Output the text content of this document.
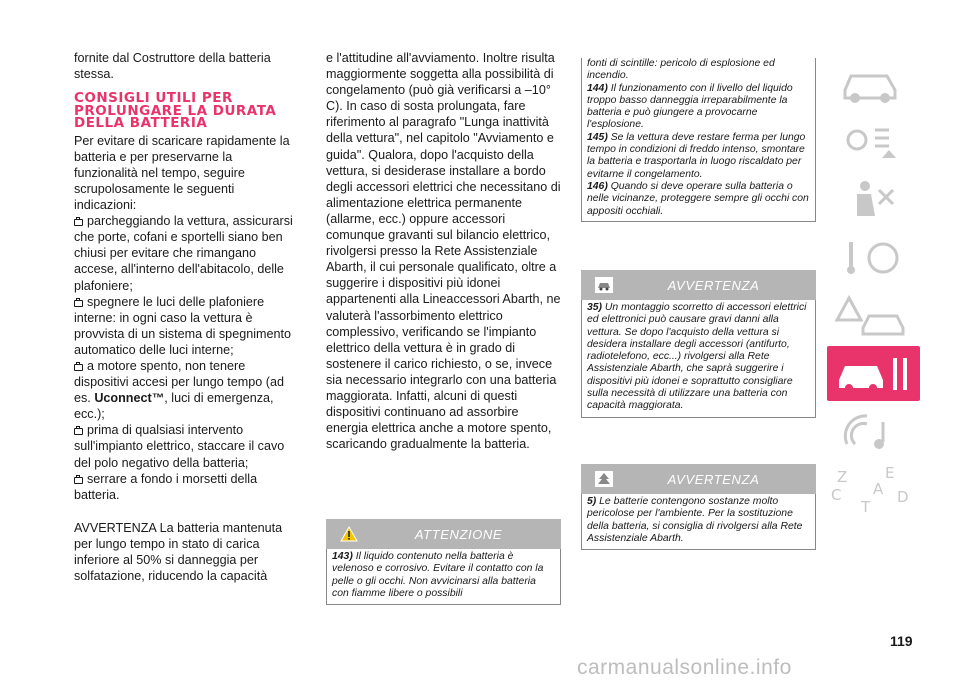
fornite dal Costruttore della batteria stessa.

CONSIGLI UTILI PER PROLUNGARE LA DURATA DELLA BATTERIA

Per evitare di scaricare rapidamente la batteria e per preservarne la funzionalità nel tempo, seguire scrupolosamente le seguenti indicazioni:

parcheggiando la vettura, assicurarsi che porte, cofani e sportelli siano ben chiusi per evitare che rimangano accese, all'interno dell'abitacolo, delle plafoniere;

spegnere le luci delle plafoniere interne: in ogni caso la vettura è provvista di un sistema di spegnimento automatico delle luci interne;

a motore spento, non tenere dispositivi accesi per lungo tempo (ad es. Uconnect™, luci di emergenza, ecc.);

prima di qualsiasi intervento sull'impianto elettrico, staccare il cavo del polo negativo della batteria;

serrare a fondo i morsetti della batteria.

AVVERTENZA La batteria mantenuta per lungo tempo in stato di carica inferiore al 50% si danneggia per solfatazione, riducendo la capacità

e l'attitudine all'avviamento. Inoltre risulta maggiormente soggetta alla possibilità di congelamento (può già verificarsi a –10° C). In caso di sosta prolungata, fare riferimento al paragrafo "Lunga inattività della vettura", nel capitolo "Avviamento e guida". Qualora, dopo l'acquisto della vettura, si desiderase installare a bordo degli accessori elettrici che necessitano di alimentazione elettrica permanente (allarme, ecc.) oppure accessori comunque gravanti sul bilancio elettrico, rivolgersi presso la Rete Assistenziale Abarth, il cui personale qualificato, oltre a suggerire i dispositivi più idonei appartenenti alla Lineaccessori Abarth, ne valuterà l'assorbimento elettrico complessivo, verificando se l'impianto elettrico della vettura è in grado di sostenere il carico richiesto, o se, invece sia necessario integrarlo con una batteria maggiorata. Infatti, alcuni di questi dispositivi continuano ad assorbire energia elettrica anche a motore spento, scaricando gradualmente la batteria.

ATTENZIONE
143) Il liquido contenuto nella batteria è velenoso e corrosivo. Evitare il contatto con la pelle o gli occhi. Non avvicinarsi alla batteria con fiamme libere o possibili

fonti di scintille: pericolo di esplosione ed incendio.

144) Il funzionamento con il livello del liquido troppo basso danneggia irreparabilmente la batteria e può giungere a provocarne l'esplosione.

145) Se la vettura deve restare ferma per lungo tempo in condizioni di freddo intenso, smontare la batteria e trasportarla in luogo riscaldato per evitarne il congelamento.

146) Quando si deve operare sulla batteria o nelle vicinanze, proteggere sempre gli occhi con appositi occhiali.

AVVERTENZA
35) Un montaggio scorretto di accessori elettrici ed elettronici può causare gravi danni alla vettura. Se dopo l'acquisto della vettura si desidera installare degli accessori (antifurto, radiotelefono, ecc...) rivolgersi alla Rete Assistenziale Abarth, che saprà suggerire i dispositivi più idonei e soprattutto consigliare sulla necessità di utilizzare una batteria con capacità maggiorata.
AVVERTENZA
5) Le batterie contengono sostanze molto pericolose per l'ambiente. Per la sostituzione della batteria, si consiglia di rivolgersi alla Rete Assistenziale Abarth.
Z	E
A
C	D
T
119
carmanualsonline.info
